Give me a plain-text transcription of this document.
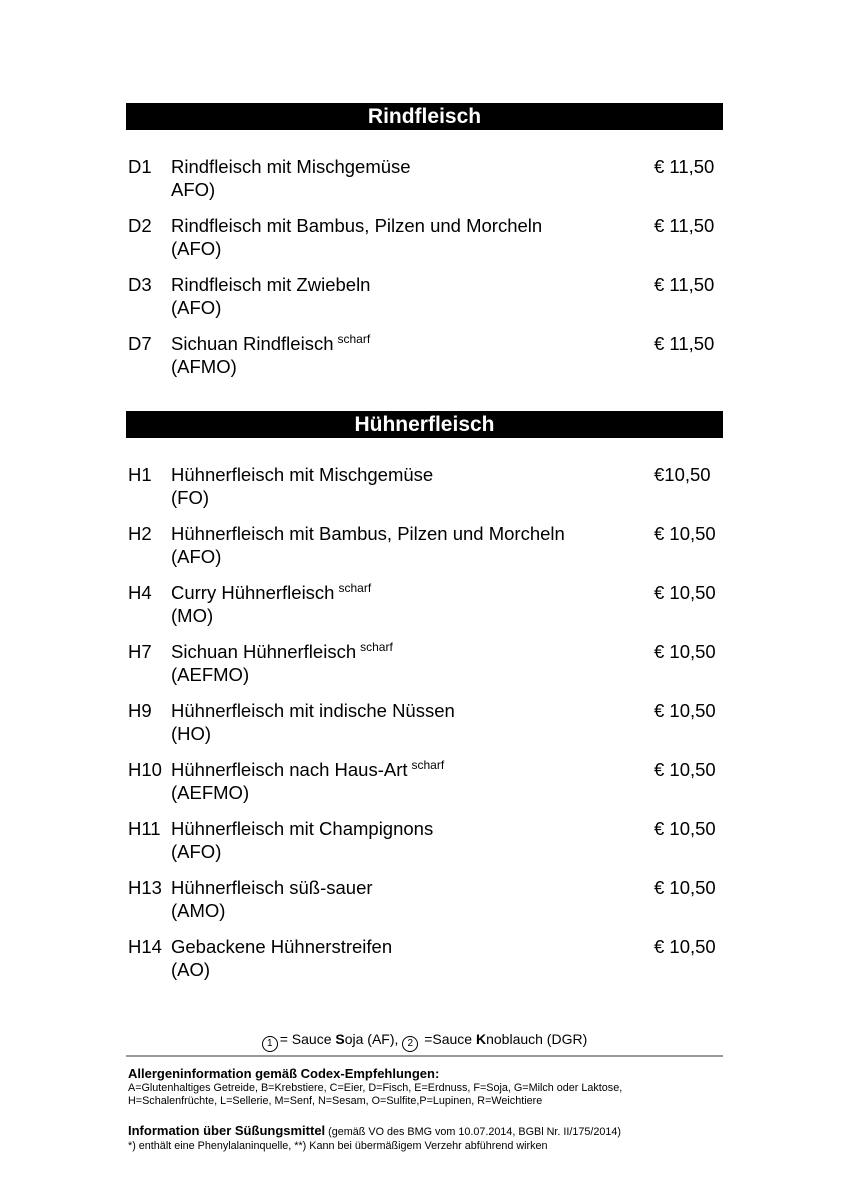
Rindfleisch
D1 Rindfleisch mit Mischgemüse
AFO)
€ 11,50
D2 Rindfleisch mit Bambus, Pilzen und Morcheln
(AFO)
€ 11,50
D3 Rindfleisch mit Zwiebeln
(AFO)
€ 11,50
D7 Sichuan Rindfleisch $^{scharf}$
(AFMO)
€ 11,50
Hühnerfleisch
H1 Hühnerfleisch mit Mischgemüse
(FO)
€10,50
H2 Hühnerfleisch mit Bambus, Pilzen und Morcheln
(AFO)
€ 10,50
H4 Curry Hühnerfleisch $^{scharf}$
(MO)
€ 10,50
H7 Sichuan Hühnerfleisch $^{scharf}$
(AEFMO)
€ 10,50
H9 Hühnerfleisch mit indische Nüssen
(HO)
€ 10,50
H10 Hühnerfleisch nach Haus-Art $^{scharf}$
(AEFMO)
€ 10,50
H11 Hühnerfleisch mit Champignons
(AFO)
€ 10,50
H13 Hühnerfleisch süß-sauer
(AMO)
€ 10,50
H14 Gebackene Hühnerstreifen
(AO)
€ 10,50
1 = Sauce Soja (AF), 2 =Sauce Knoblauch (DGR)
Allergeninformation gemäß Codex-Empfehlungen:
A=Glutenhaltiges Getreide, B=Krebstiere, C=Eier, D=Fisch, E=Erdnuss, F=Soja, G=Milch oder Laktose,
H=Schalenfrüchte, L=Sellerie, M=Senf, N=Sesam, O=Sulfite,P=Lupinen, R=Weichtiere
Information über Süßungsmittel (gemäß VO des BMG vom 10.07.2014, BGBl Nr. II/175/2014)
*) enthält eine Phenylalaninquelle, **) Kann bei übermäßigem Verzehr abführend wirken
